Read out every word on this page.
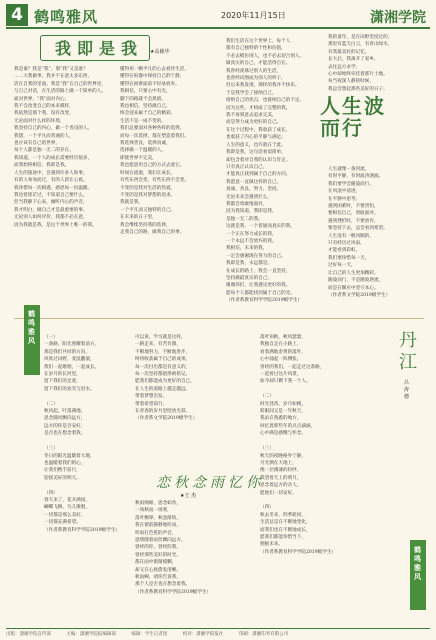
4 鹤鸣雅风	2020年11月15日	潇湘学院
我即是我 ★高颖华
我是谁？我是“我”。那“我”又是谁？
……大我做事，我并不在意太多东西，
活在自我的里面。我是“我”在自己的世界里，
与自己对话，在生活的路上做一个简单的人。
面对世界，“我”面对内心，
我不会改变自己的本来模样，
我依然是那个我，没有改变，
无论面对什么样的环境，
我坚持自己的内心，做一个善良的人。
我想，一个平凡而普通的人，
也应该有自己的世界，
每个人都是独一无二的存在。
我知道，一个人的成长需要经历很多，
而我始终相信，我即是我。
人生的旅途中，会遇到许多人和事，
有的人匆匆而过，有的人留在心底。
我珍惜每一次相遇，感恩每一份温暖。
我也曾迷茫过，不知道自己要什么，
但当我静下心来，倾听内心的声音，
我才明白，做自己才是最重要的事。
无论别人如何评价，我都不必在意，
因为我就是我，是这个世界上唯一的我。
懂得用一颗平凡的心去看待生活，
懂得在喧嚣中保持自己的宁静，
懂得在困难面前不轻易放弃。
我相信，只要心中有光，
脚下的路就不会黑暗。
我也相信，坚持做自己，
终会迎来属于自己的精彩。
生活不是一成不变的，
我们总要面对各种各样的选择，
而每一次选择，都在塑造着我们。
我选择善良，选择真诚，
选择做一个温暖的人。
即使世界不完美，
我也愿意用自己的方式去爱它。
时间在流逝，我们在成长，
有些东西会变，有些东西不会变。
不变的是我对生活的热爱，
不变的是我对梦想的追求。
我就是我，
一个平凡而又独特的自己。
在未来的日子里，
我会继续坚持我的选择，
走我自己的路，做我自己的事。
我们生活在这个世界上，每个人
都有自己独特的个性和价值，
不必去模仿别人，也不必去迎合别人。
做真实的自己，才能活得自在。
我曾经羡慕过别人的生活，
也曾经试图成为别人的样子，
但后来我发现，那样的我并不快乐。
于是我学会了接纳自己，
接纳自己的优点，也接纳自己的不足。
因为这些，才构成了完整的我。
我不再刻意去追求完美，
而是努力成为更好的自己。
在这个过程中，我收获了成长，
也收获了内心的平静与满足。
人生的意义，也许就在于此。
我即是我，这句话看似简单，
却包含着对自我的认识与肯定。
只有真正认识自己，
才能真正找到属于自己的方向。
我愿意一直做这样的自己，
真诚、善良、努力、坚持。
无论未来会遇到什么，
我都会勇敢地面对，
因为我知道，我即是我，
是独一无二的我。
这就是我，一个普通而真实的我，
一个正在努力成长的我，
一个永远不会放弃的我。
我相信，未来的我，
一定会感谢现在努力的自己。
我即是我，永远都是。
在成长的路上，我会一直坚持，
坚持做最真实的自己。
谢谢你们，让我遇见更好的我。
愿每个人都能找到属于自己的光。
（作者系教育科学学院2019级学生）
我的童年，是在田野里度过的，
那里有蓝天白云，有青山绿水，
有我最美好的记忆。
长大后，我离开了家乡，
去往远方求学，
心中却始终牵挂着那片土地。
每当夜深人静的时候，
我总会想起那些美好的日子。
人生波而行
人生就像一条河流，
有时平静，有时波涛汹涌。
我们要学会随波而行，
在风浪中前进，
在平静中思考。
遇到困难时，不要害怕，
要相信自己，勇敢面对。
遇到挫折时，不要放弃，
要坚持下去，总会看到希望。
人生没有一帆风顺的，
只有经历过风雨，
才能看到彩虹。
我们要珍惜每一天，
过好每一天，
让自己的人生更加精彩。
随波而行，不是随波逐流，
而是在顺应中坚守本心。
（作者系文学院2019级学生）
鹤鸣雅风 （一）
一条路，阳光照耀着前方，
那是我们共同的方向，
风吹过田野，麦浪翻滚，
我们一起歌唱，一起成长。
在岁月的长河里，
留下我们的足迹，
留下我们的欢笑与泪水。

（二）
秋风起，叶落满地，
思念随风飘向远方，
远方的你是否安好，
是否也在想念着我。

（三）
冬日的阳光温暖着大地，
也温暖着我们的心，
让我们携手前行，
迎接美好的明天。

（四）
春天来了，花开满园，
蝴蝶飞舞，鸟儿歌唱，
一切都是那么美好，
一切都充满希望。
（作者系教育科学学院2019级学生）
可以说，学习就是这样，
一路走来，有苦有甜，
不断地努力，不断地进步，
终将收获属于自己的成果。
每一次付出都是有意义的，
每一次坚持都值得被铭记。
愿我们都能成为更好的自己，
在人生的道路上越走越远。
带着梦想出发，
带着希望前行，
在青春的岁月里绽放光彩。
（作者系文学院2019级学生）
恋秋念雨忆你
★王 杰
秋雨绵绵，思念如丝，
一场秋雨一场寒，
落叶飘零，秋意渐浓，
我在窗前静静地听雨，
听雨打芭蕉的声音，
思绪随着雨丝飘向远方。
曾经的你，曾经的我，
曾经那些美好的时光，
都在雨中渐渐模糊，
却又在心底愈发清晰。
秋雨啊，请你告诉我，
那个人是否也在想念着我。
（作者系教育科学学院2019级学生）
落叶知秋，秋风瑟瑟，
我独自走在小路上，
看着满地金黄的落叶，
心中涌起一阵惆怅。
曾经的我们，一起走过这条路，
一起看过这片风景，
如今却只剩下我一个人。

（二）
时光荏苒，岁月如梭，
转眼间又是一年秋天，
我站在熟悉的地方，
回忆着那些年的点点滴滴，
心中满是感慨与怀念。

（三）
秋天的夜晚格外宁静，
月光洒在大地上，
像一层薄薄的轻纱，
我望着天上的明月，
思念着远方的亲人，
愿他们一切安好。

（四）
秋去冬来，四季轮回，
生活总是在不断地变化，
而我们也在不断地成长，
愿我们都能珍惜当下，
拥抱未来。
（作者系教育科学学院2019级学生）
丹江
吕 涛 德
鹤鸣雅风
出版：潇湘学院宣传部	主编：潇湘学院报编辑部	编辑：学生记者团	校对：潇湘学院报社	印刷：潇湘印务有限公司
